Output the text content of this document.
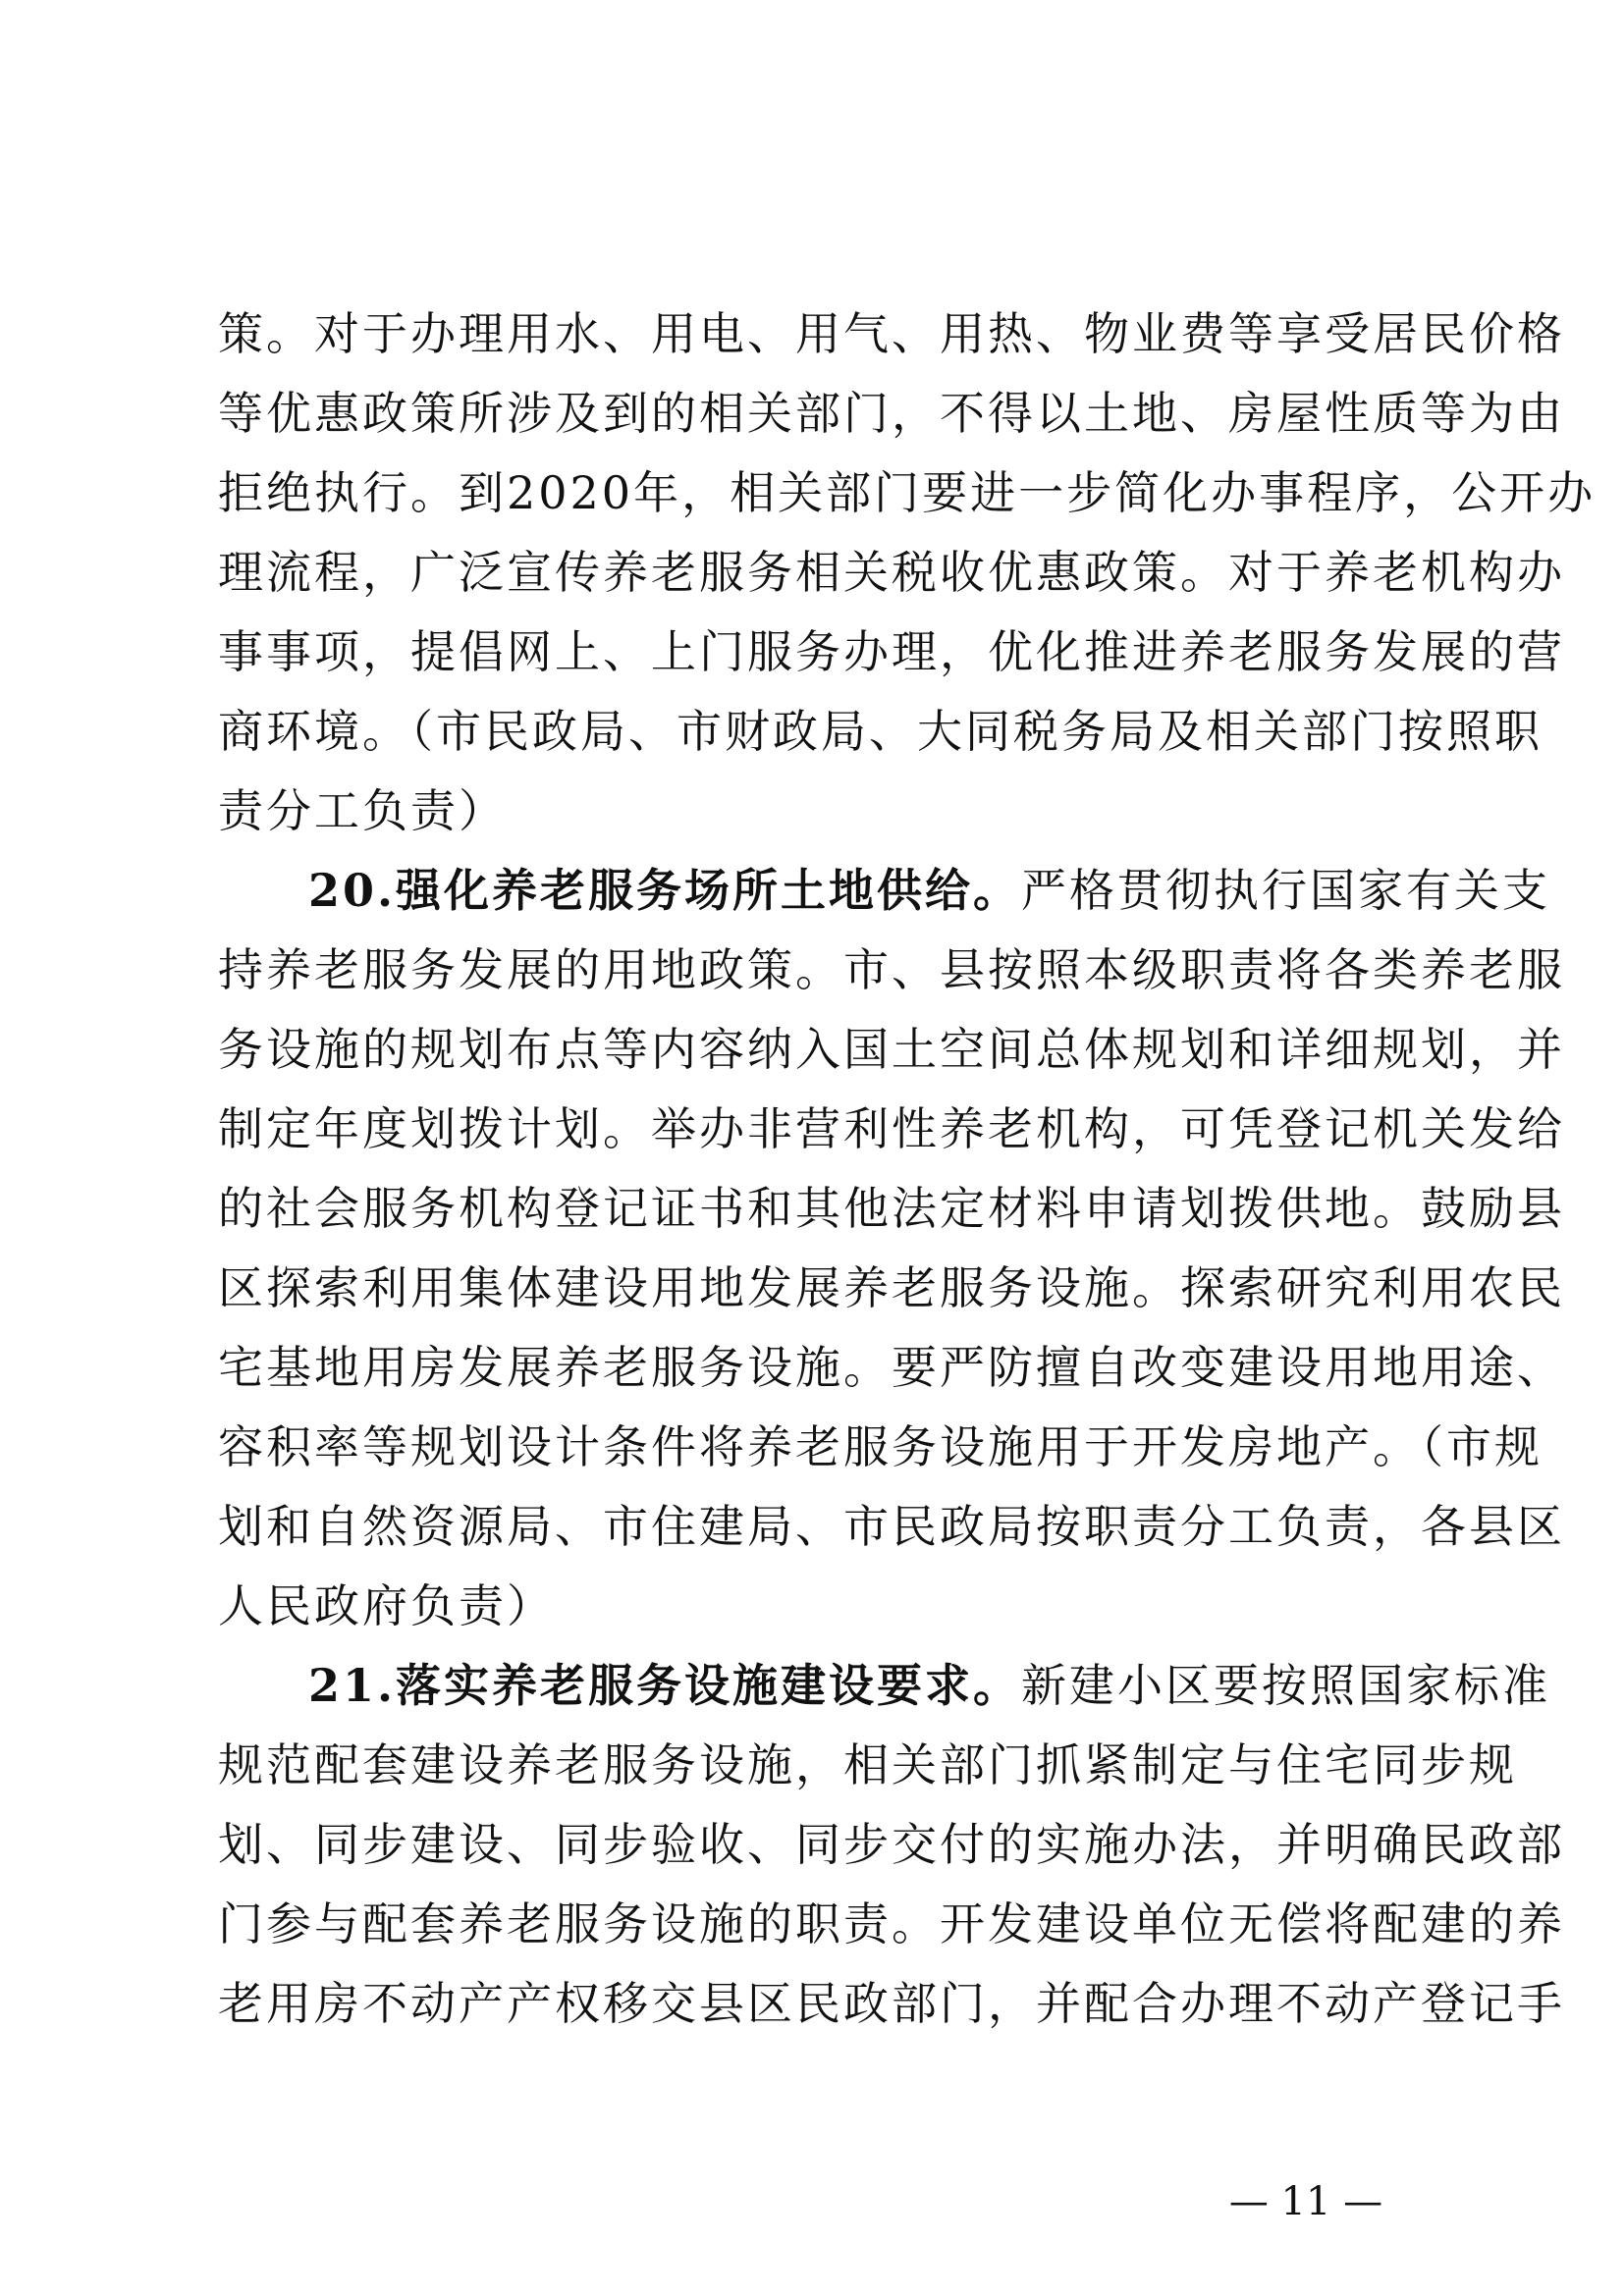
策。对于办理用水、用电、用气、用热、物业费等享受居民价格
等优惠政策所涉及到的相关部门，不得以土地、房屋性质等为由
拒绝执行。到2020年，相关部门要进一步简化办事程序，公开办
理流程，广泛宣传养老服务相关税收优惠政策。对于养老机构办
事事项，提倡网上、上门服务办理，优化推进养老服务发展的营
商环境。（市民政局、市财政局、大同税务局及相关部门按照职
责分工负责）
20.强化养老服务场所土地供给。严格贯彻执行国家有关支
持养老服务发展的用地政策。市、县按照本级职责将各类养老服
务设施的规划布点等内容纳入国土空间总体规划和详细规划，并
制定年度划拨计划。举办非营利性养老机构，可凭登记机关发给
的社会服务机构登记证书和其他法定材料申请划拨供地。鼓励县
区探索利用集体建设用地发展养老服务设施。探索研究利用农民
宅基地用房发展养老服务设施。要严防擅自改变建设用地用途、
容积率等规划设计条件将养老服务设施用于开发房地产。（市规
划和自然资源局、市住建局、市民政局按职责分工负责，各县区
人民政府负责）
21.落实养老服务设施建设要求。新建小区要按照国家标准
规范配套建设养老服务设施，相关部门抓紧制定与住宅同步规
划、同步建设、同步验收、同步交付的实施办法，并明确民政部
门参与配套养老服务设施的职责。开发建设单位无偿将配建的养
老用房不动产产权移交县区民政部门，并配合办理不动产登记手
— 11 —
